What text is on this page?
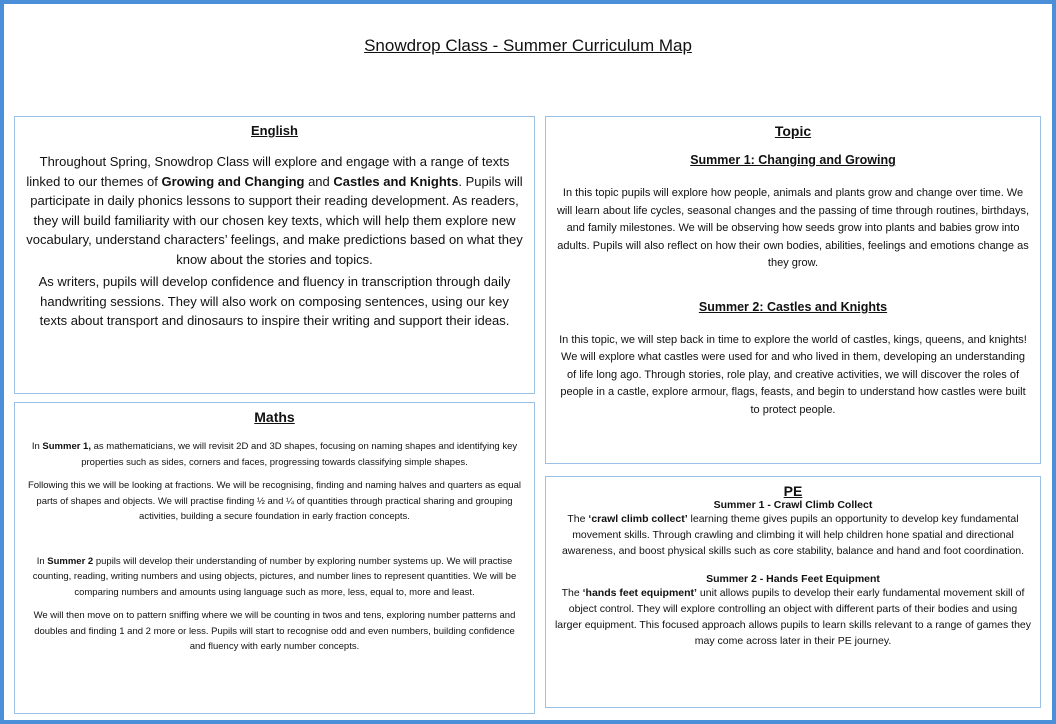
Snowdrop Class - Summer Curriculum Map
English

Throughout Spring, Snowdrop Class will explore and engage with a range of texts linked to our themes of Growing and Changing and Castles and Knights. Pupils will participate in daily phonics lessons to support their reading development. As readers, they will build familiarity with our chosen key texts, which will help them explore new vocabulary, understand characters’ feelings, and make predictions based on what they know about the stories and topics.

As writers, pupils will develop confidence and fluency in transcription through daily handwriting sessions. They will also work on composing sentences, using our key texts about transport and dinosaurs to inspire their writing and support their ideas.

Maths

In Summer 1, as mathematicians, we will revisit 2D and 3D shapes, focusing on naming shapes and identifying key properties such as sides, corners and faces, progressing towards classifying simple shapes.

Following this we will be looking at fractions. We will be recognising, finding and naming halves and quarters as equal parts of shapes and objects. We will practise finding ½ and ¼ of quantities through practical sharing and grouping activities, building a secure foundation in early fraction concepts.

In Summer 2 pupils will develop their understanding of number by exploring number systems up. We will practise counting, reading, writing numbers and using objects, pictures, and number lines to represent quantities. We will be comparing numbers and amounts using language such as more, less, equal to, more and least.

We will then move on to pattern sniffing where we will be counting in twos and tens, exploring number patterns and doubles and finding 1 and 2 more or less. Pupils will start to recognise odd and even numbers, building confidence and fluency with early number concepts.

Topic
Summer 1: Changing and Growing

In this topic pupils will explore how people, animals and plants grow and change over time. We will learn about life cycles, seasonal changes and the passing of time through routines, birthdays, and family milestones. We will be observing how seeds grow into plants and babies grow into adults. Pupils will also reflect on how their own bodies, abilities, feelings and emotions change as they grow.

Summer 2: Castles and Knights

In this topic, we will step back in time to explore the world of castles, kings, queens, and knights! We will explore what castles were used for and who lived in them, developing an understanding of life long ago. Through stories, role play, and creative activities, we will discover the roles of people in a castle, explore armour, flags, feasts, and begin to understand how castles were built to protect people.

PE
Summer 1 - Crawl Climb Collect

The ‘crawl climb collect’ learning theme gives pupils an opportunity to develop key fundamental movement skills. Through crawling and climbing it will help children hone spatial and directional awareness, and boost physical skills such as core stability, balance and hand and foot coordination.

Summer 2 - Hands Feet Equipment

The ‘hands feet equipment’ unit allows pupils to develop their early fundamental movement skill of object control. They will explore controlling an object with different parts of their bodies and using larger equipment. This focused approach allows pupils to learn skills relevant to a range of games they may come across later in their PE journey.
